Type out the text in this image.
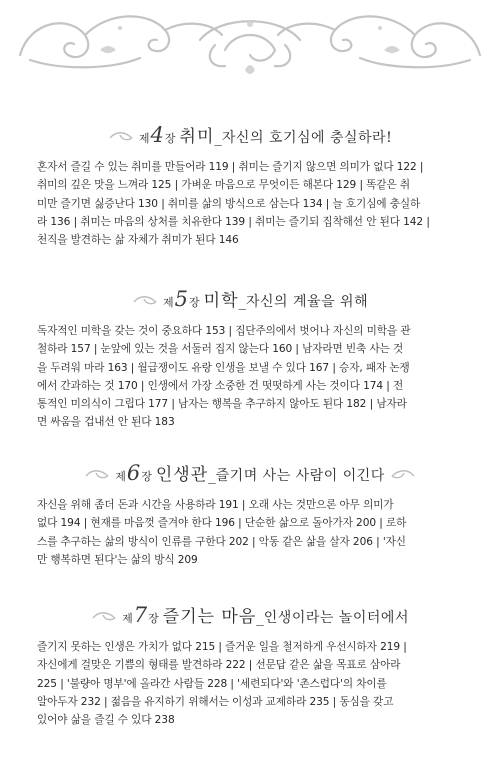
제4장 취미_자신의 호기심에 충실하라!
혼자서 즐길 수 있는 취미를 만들어라 119 | 취미는 즐기지 않으면 의미가 없다 122 |
취미의 깊은 맛을 느껴라 125 | 가벼운 마음으로 무엇이든 해본다 129 | 똑같은 취
미만 즐기면 싫증난다 130 | 취미를 삶의 방식으로 삼는다 134 | 늘 호기심에 충실하
라 136 | 취미는 마음의 상처를 치유한다 139 | 취미는 즐기되 집착해선 안 된다 142 |
천직을 발견하는 삶 자체가 취미가 된다 146
제5장 미학_자신의 계율을 위해
독자적인 미학을 갖는 것이 중요하다 153 | 집단주의에서 벗어나 자신의 미학을 관
철하라 157 | 눈앞에 있는 것을 서둘러 집지 않는다 160 | 남자라면 빈축 사는 것
을 두려워 마라 163 | 월급쟁이도 유랑 인생을 보낼 수 있다 167 | 승자, 패자 논쟁
에서 간과하는 것 170 | 인생에서 가장 소중한 건 떳떳하게 사는 것이다 174 | 전
통적인 미의식이 그립다 177 | 남자는 행복을 추구하지 않아도 된다 182 | 남자라
면 싸움을 겁내선 안 된다 183
제6장 인생관_즐기며 사는 사람이 이긴다
자신을 위해 좀더 돈과 시간을 사용하라 191 | 오래 사는 것만으론 아무 의미가
없다 194 | 현재를 마음껏 즐겨야 한다 196 | 단순한 삶으로 돌아가자 200 | 로하
스를 추구하는 삶의 방식이 인류를 구한다 202 | 악동 같은 삶을 살자 206 | '자신
만 행복하면 된다'는 삶의 방식 209
제7장 즐기는 마음_인생이라는 놀이터에서
즐기지 못하는 인생은 가치가 없다 215 | 즐거운 일을 철저하게 우선시하자 219 |
자신에게 걸맞은 기쁨의 형태를 발견하라 222 | 선문답 같은 삶을 목표로 삼아라
225 | '불량아 명부'에 올라간 사람들 228 | '세련되다'와 '촌스럽다'의 차이를
알아두자 232 | 젊음을 유지하기 위해서는 이성과 교제하라 235 | 동심을 갖고
있어야 삶을 즐길 수 있다 238
